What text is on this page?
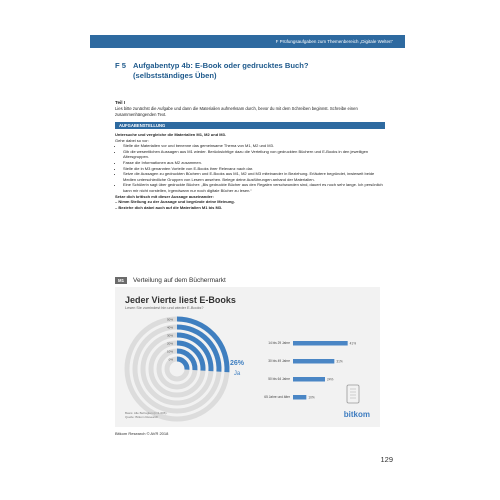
F Prüfungsaufgaben zum Themenbereich „Digitale Welten“
F 5 Aufgabentyp 4b: E-Book oder gedrucktes Buch?
(selbstständiges Üben)
Teil I
Lies bitte zunächst die Aufgabe und dann die Materialien aufmerksam durch, bevor du mit dem Schreiben beginnst. Schreibe einen zusammenhängenden Text.
AUFGABENSTELLUNG
Untersuche und vergleiche die Materialien M1, M2 und M3.
Gehe dabei so vor:
• Stelle die Materialien vor und benenne das gemeinsame Thema von M1, M2 und M3.
• Gib die wesentlichen Aussagen aus M1 wieder. Berücksichtige dazu die Verteilung von gedruckten Büchern und E-Books in den jeweiligen Altersgruppen.
• Fasse die Informationen aus M2 zusammen.
• Stelle die in M3 genannten Vorteile von E-Books ihrer Relevanz nach dar.
• Setze die Aussagen zu gedruckten Büchern und E-Books aus M1, M2 und M3 miteinander in Beziehung. Erläutere begründet, inwieweit beide Medien unterschiedliche Gruppen von Lesern ansehen. Belege deine Ausführungen anhand der Materialien.
• Eine Schülerin sagt über gedruckte Bücher: „Bis gedruckte Bücher aus den Regalen verschwunden sind, dauert es noch sehr lange. Ich persönlich kann mir nicht vorstellen, irgendwann nur noch digitale Bücher zu lesen.“
Setze dich kritisch mit dieser Aussage auseinander:
– Nimm Stellung zu der Aussage und begründe deine Meinung.
– Beziehe dich dabei auch auf die Materialien M1 bis M3.
M1 Verteilung auf dem Büchermarkt
Jeder Vierte liest E-Books
Lesen Sie zumindest hin und wieder E-Books?
50%
40%
30%
20%
10%
0%
26%
Ja
14 bis 29 Jahre	41%
30 bis 49 Jahre	31%
50 bis 64 Jahre	24%
65 Jahre und älter	10%
Basis: Alle Befragten (n=1.006)
Quelle: Bitkom Research	bitkom
Bitkom Research © AVR 2018
129
